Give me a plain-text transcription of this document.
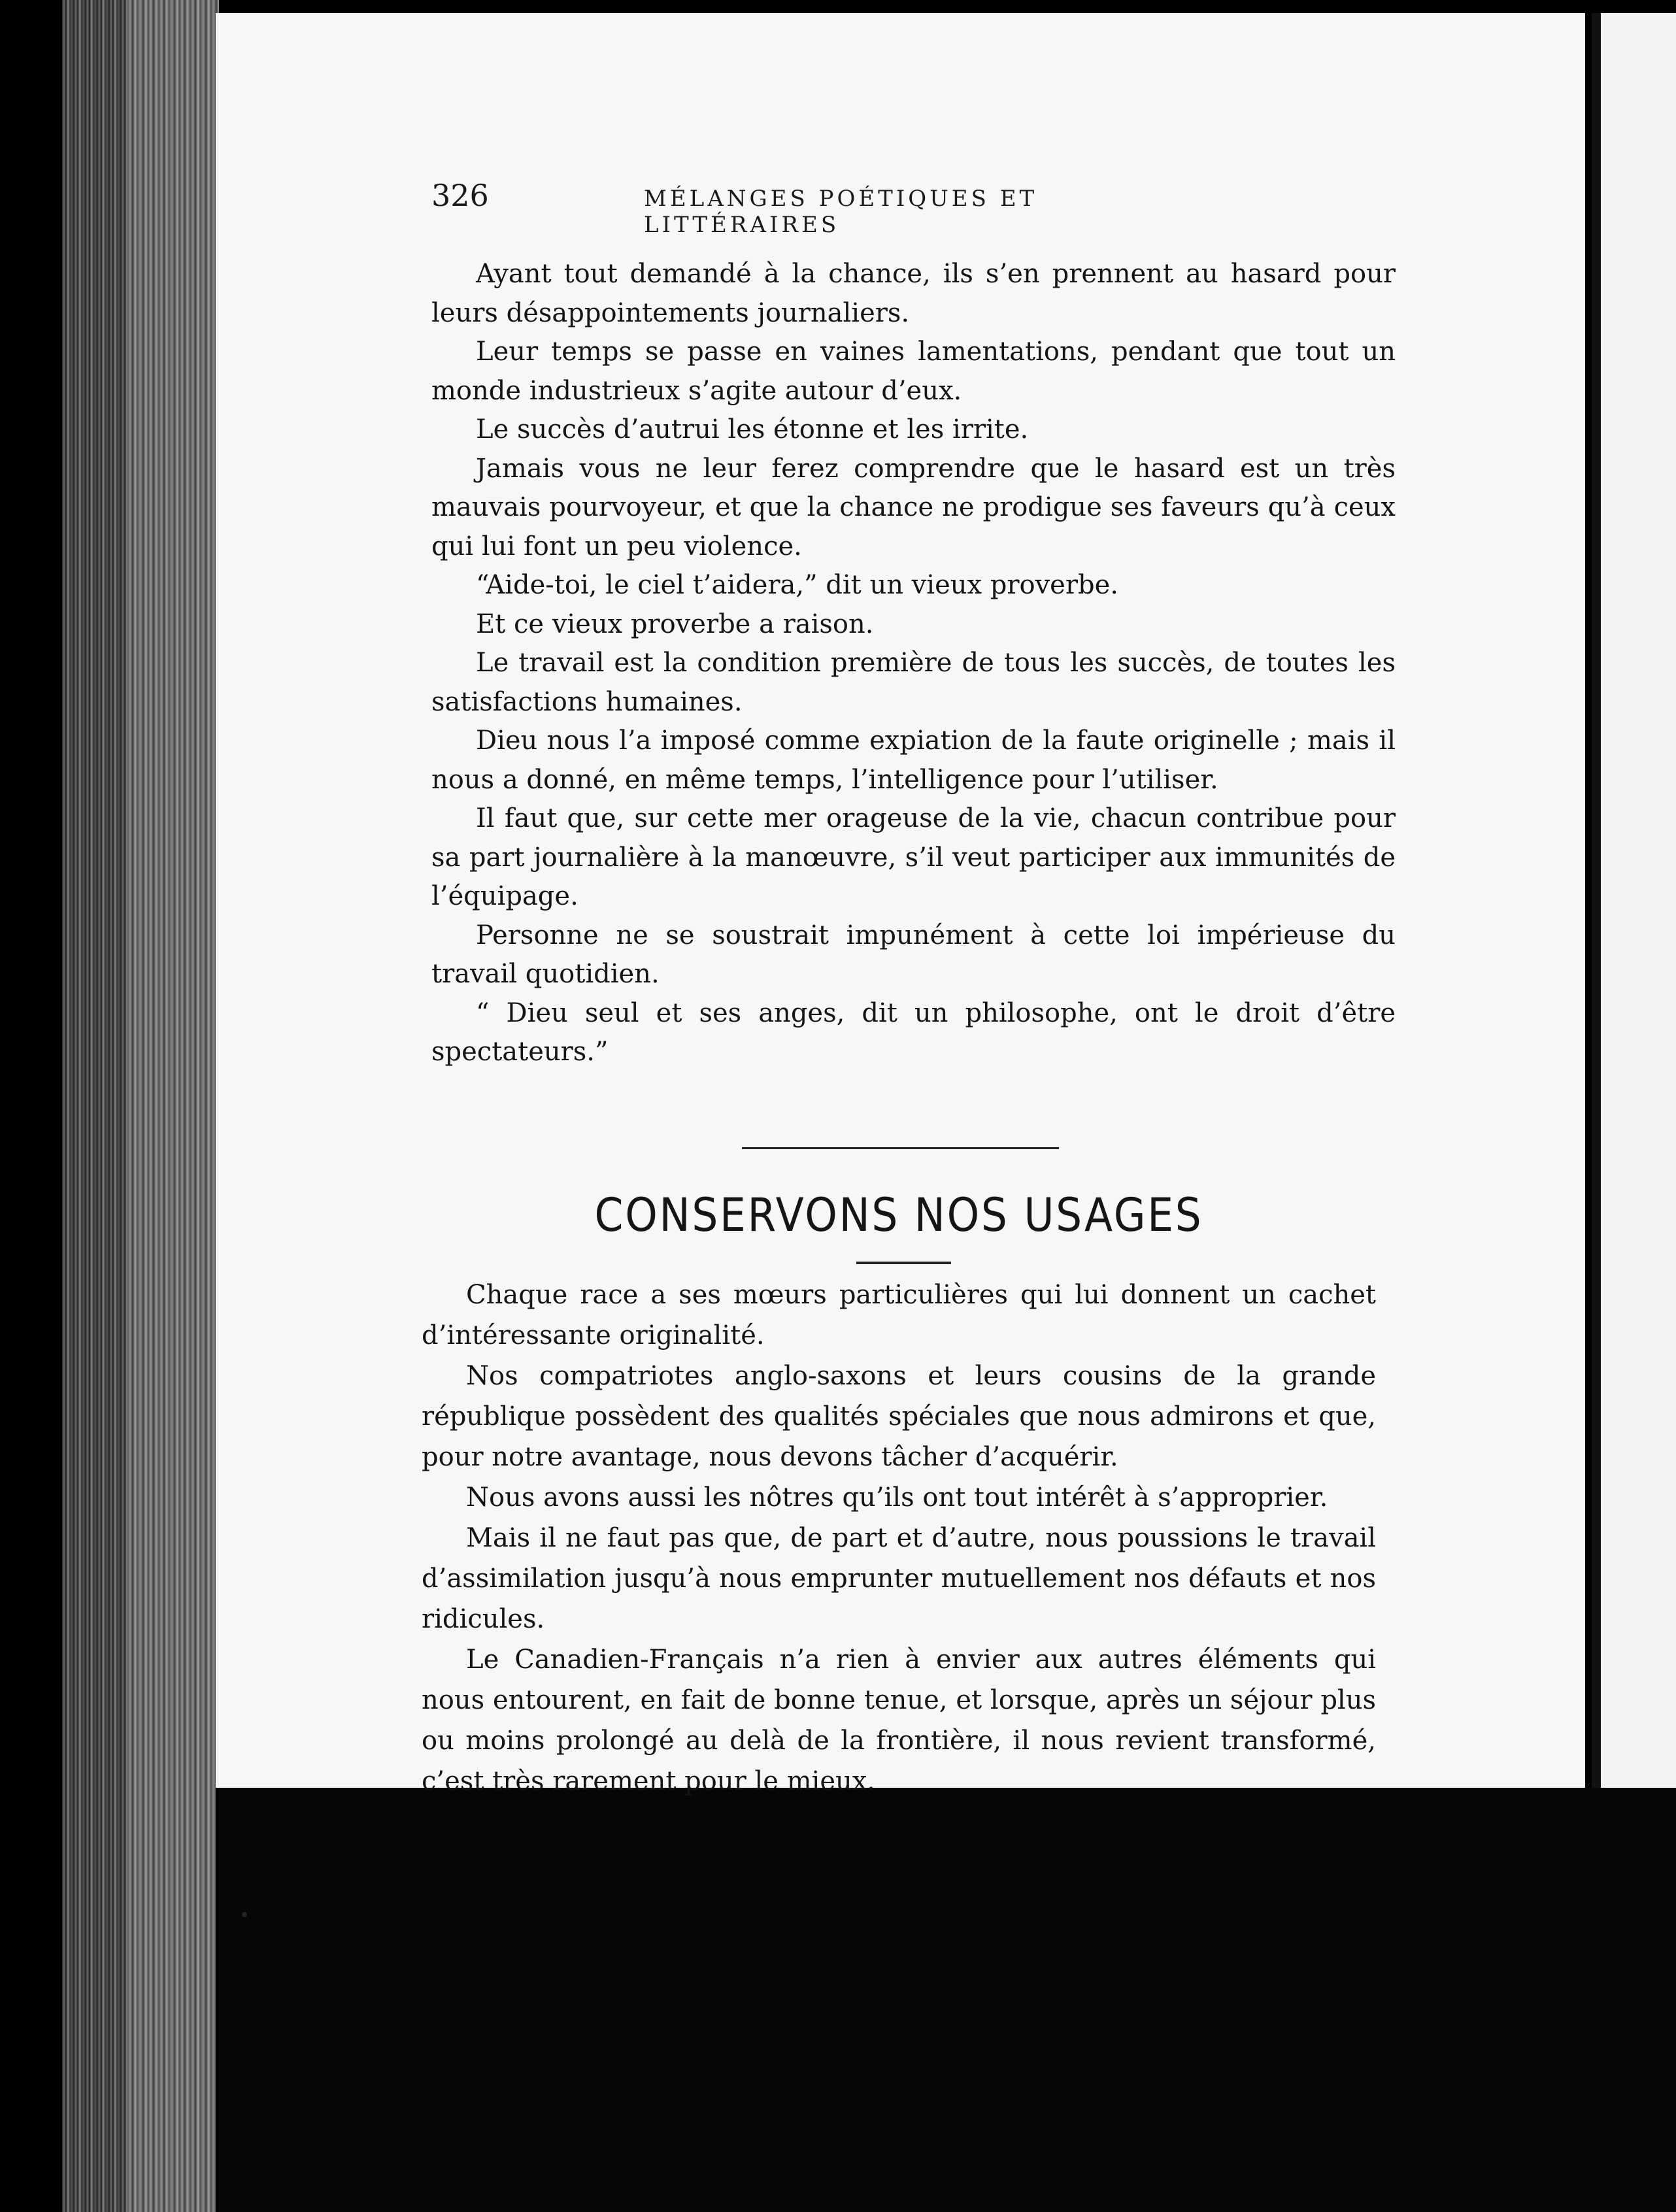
326	MÉLANGES POÉTIQUES ET LITTÉRAIRES

Ayant tout demandé à la chance, ils s’en prennent au hasard pour leurs désappointements journaliers.

Leur temps se passe en vaines lamentations, pendant que tout un monde industrieux s’agite autour d’eux.

Le succès d’autrui les étonne et les irrite.

Jamais vous ne leur ferez comprendre que le hasard est un très mauvais pourvoyeur, et que la chance ne prodigue ses faveurs qu’à ceux qui lui font un peu violence.

“Aide-toi, le ciel t’aidera,” dit un vieux proverbe.

Et ce vieux proverbe a raison.

Le travail est la condition première de tous les succès, de toutes les satisfactions humaines.

Dieu nous l’a imposé comme expiation de la faute originelle ; mais il nous a donné, en même temps, l’intelligence pour l’utiliser.

Il faut que, sur cette mer orageuse de la vie, chacun contribue pour sa part journalière à la manœuvre, s’il veut participer aux immunités de l’équipage.

Personne ne se soustrait impunément à cette loi impérieuse du travail quotidien.

“ Dieu seul et ses anges, dit un philosophe, ont le droit d’être spectateurs.”

CONSERVONS NOS USAGES

Chaque race a ses mœurs particulières qui lui donnent un cachet d’intéressante originalité.

Nos compatriotes anglo-saxons et leurs cousins de la grande république possèdent des qualités spéciales que nous admirons et que, pour notre avantage, nous devons tâcher d’acquérir.

Nous avons aussi les nôtres qu’ils ont tout intérêt à s’approprier.

Mais il ne faut pas que, de part et d’autre, nous poussions le travail d’assimilation jusqu’à nous emprunter mutuellement nos défauts et nos ridicules.

Le Canadien-Français n’a rien à envier aux autres éléments qui nous entourent, en fait de bonne tenue, et lorsque, après un séjour plus ou moins prolongé au delà de la frontière, il nous revient transformé, c’est très rarement pour le mieux.
